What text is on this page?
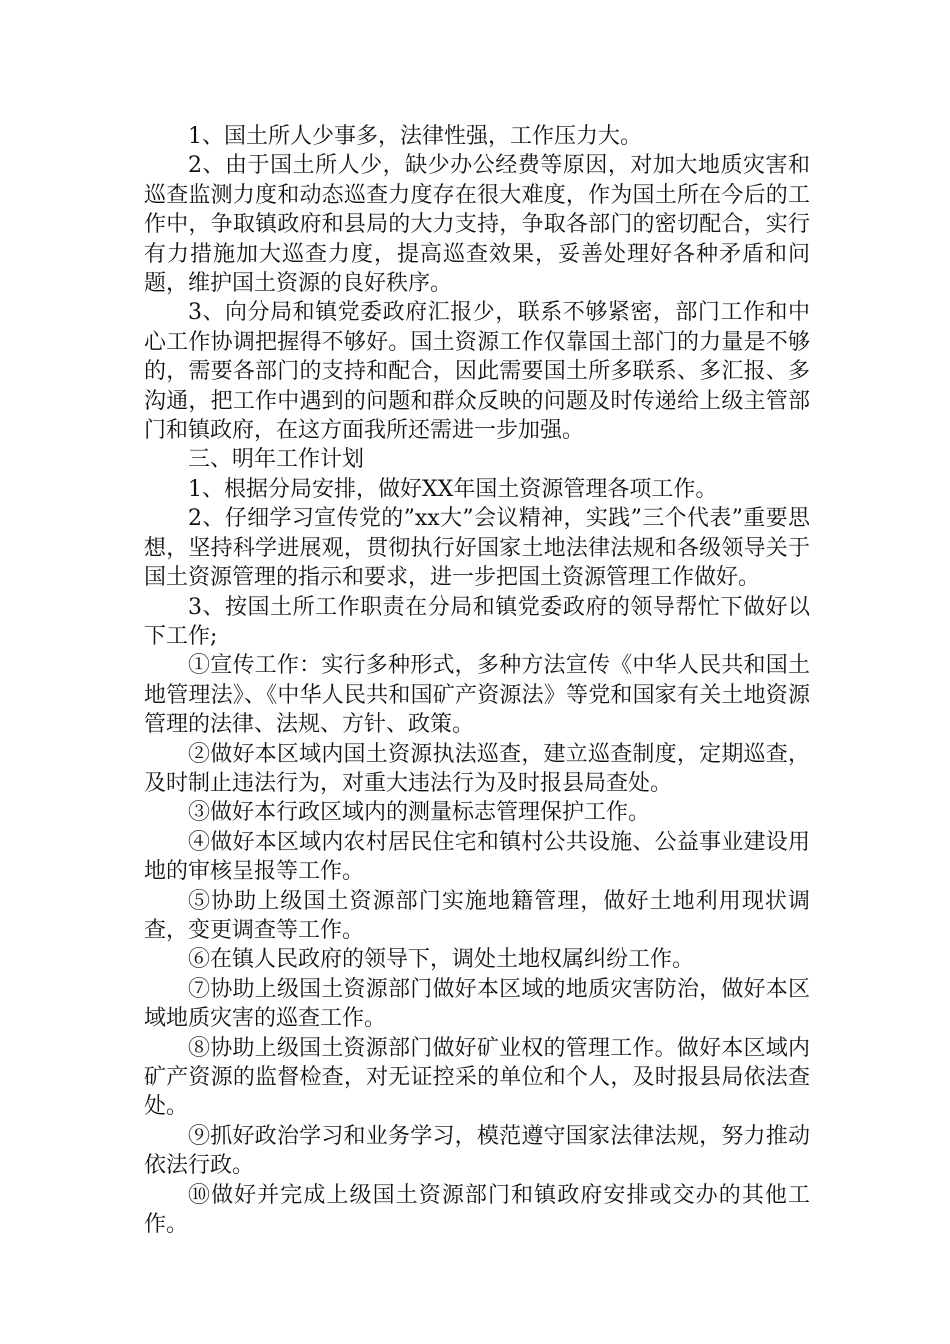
1、国土所人少事多，法律性强，工作压力大。

2、由于国土所人少，缺少办公经费等原因，对加大地质灾害和巡查监测力度和动态巡查力度存在很大难度，作为国土所在今后的工作中，争取镇政府和县局的大力支持，争取各部门的密切配合，实行有力措施加大巡查力度，提高巡查效果，妥善处理好各种矛盾和问题，维护国土资源的良好秩序。

3、向分局和镇党委政府汇报少，联系不够紧密，部门工作和中心工作协调把握得不够好。国土资源工作仅靠国土部门的力量是不够的，需要各部门的支持和配合，因此需要国土所多联系、多汇报、多沟通，把工作中遇到的问题和群众反映的问题及时传递给上级主管部门和镇政府，在这方面我所还需进一步加强。

三、明年工作计划

1、根据分局安排，做好XX年国土资源管理各项工作。

2、仔细学习宣传党的”xx大”会议精神，实践”三个代表”重要思想，坚持科学进展观，贯彻执行好国家土地法律法规和各级领导关于国土资源管理的指示和要求，进一步把国土资源管理工作做好。

3、按国土所工作职责在分局和镇党委政府的领导帮忙下做好以下工作;

①宣传工作：实行多种形式，多种方法宣传《中华人民共和国土地管理法》、《中华人民共和国矿产资源法》等党和国家有关土地资源管理的法律、法规、方针、政策。

②做好本区域内国土资源执法巡查，建立巡查制度，定期巡查，及时制止违法行为，对重大违法行为及时报县局查处。

③做好本行政区域内的测量标志管理保护工作。

④做好本区域内农村居民住宅和镇村公共设施、公益事业建设用地的审核呈报等工作。

⑤协助上级国土资源部门实施地籍管理，做好土地利用现状调查，变更调查等工作。

⑥在镇人民政府的领导下，调处土地权属纠纷工作。

⑦协助上级国土资源部门做好本区域的地质灾害防治，做好本区域地质灾害的巡查工作。

⑧协助上级国土资源部门做好矿业权的管理工作。做好本区域内矿产资源的监督检查，对无证控采的单位和个人，及时报县局依法查处。

⑨抓好政治学习和业务学习，模范遵守国家法律法规，努力推动依法行政。

⑩做好并完成上级国土资源部门和镇政府安排或交办的其他工作。
